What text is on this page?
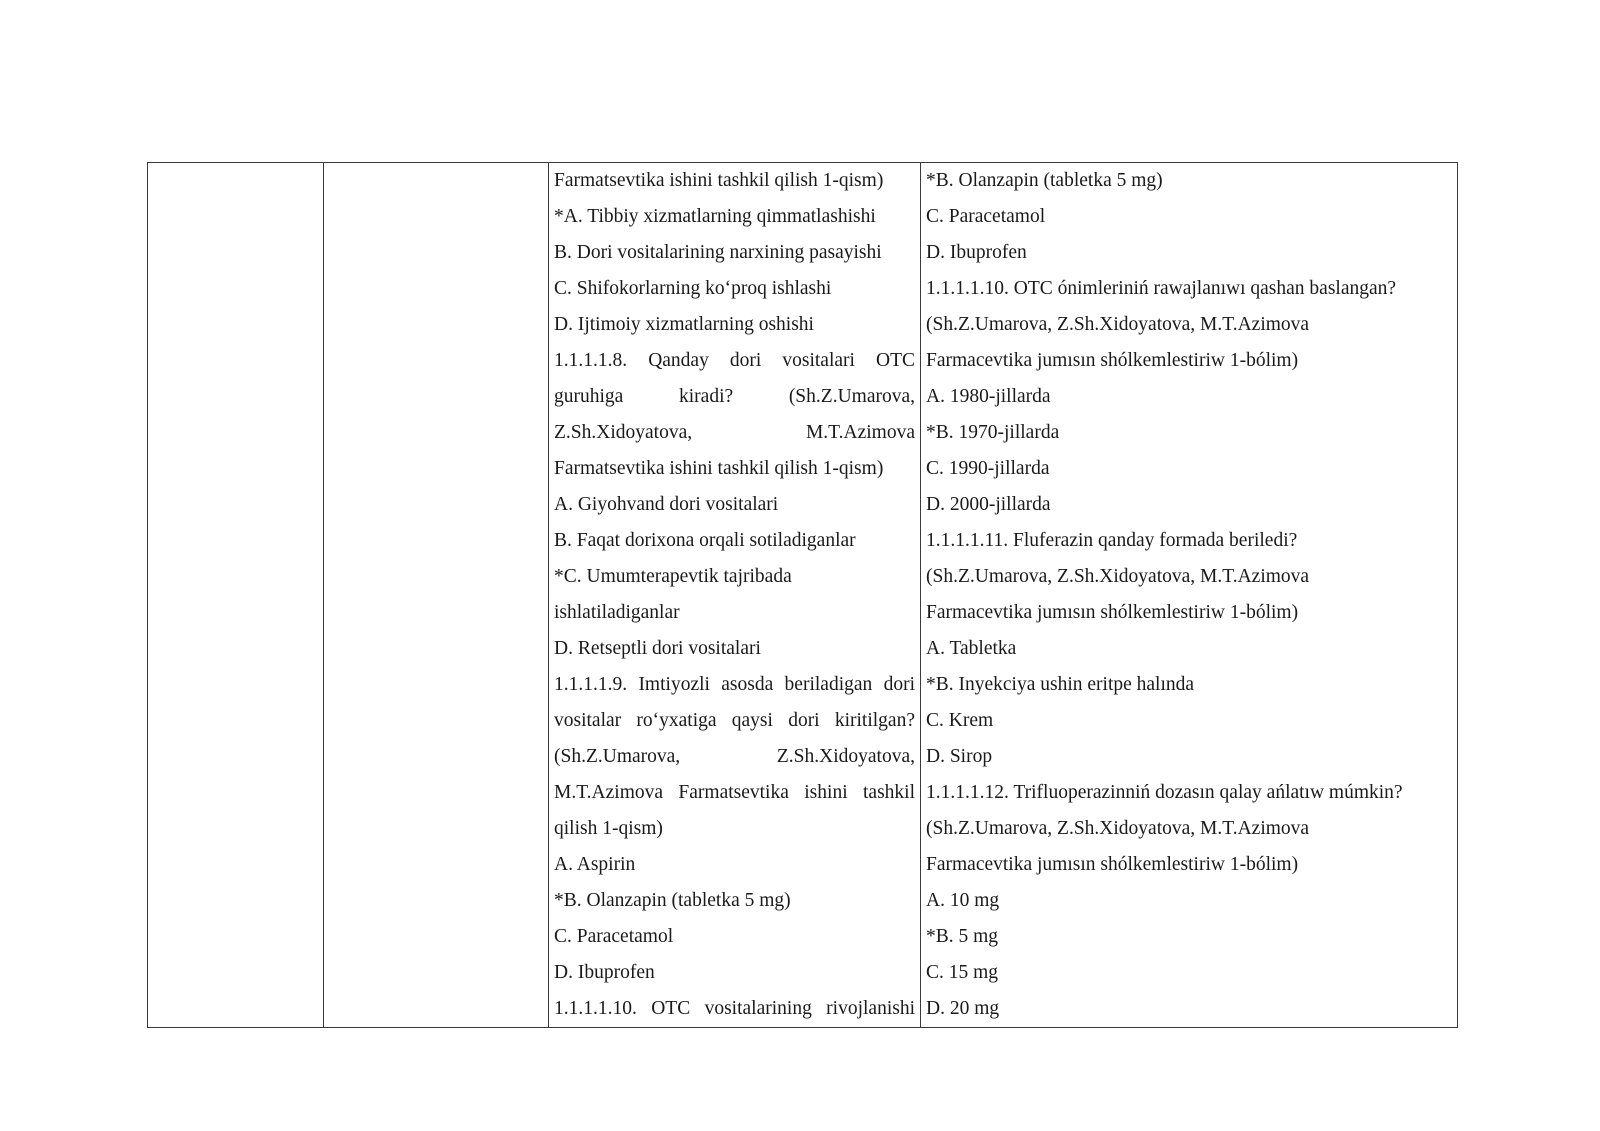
Farmatsevtika ishini tashkil qilish 1-qism)
*A. Tibbiy xizmatlarning qimmatlashishi
B. Dori vositalarining narxining pasayishi
C. Shifokorlarning ko‘proq ishlashi
D. Ijtimoiy xizmatlarning oshishi
1.1.1.1.8. Qanday dori vositalari OTC
guruhiga kiradi? (Sh.Z.Umarova,
Z.Sh.Xidoyatova, M.T.Azimova
Farmatsevtika ishini tashkil qilish 1-qism)
A. Giyohvand dori vositalari
B. Faqat dorixona orqali sotiladiganlar
*C. Umumterapevtik tajribada
ishlatiladiganlar
D. Retseptli dori vositalari
1.1.1.1.9. Imtiyozli asosda beriladigan dori
vositalar ro‘yxatiga qaysi dori kiritilgan?
(Sh.Z.Umarova, Z.Sh.Xidoyatova,
M.T.Azimova Farmatsevtika ishini tashkil
qilish 1-qism)
A. Aspirin
*B. Olanzapin (tabletka 5 mg)
C. Paracetamol
D. Ibuprofen
1.1.1.1.10. OTC vositalarining rivojlanishi
*B. Olanzapin (tabletka 5 mg)
C. Paracetamol
D. Ibuprofen
1.1.1.1.10. OTC ónimleriniń rawajlanıwı qashan baslangan?
(Sh.Z.Umarova, Z.Sh.Xidoyatova, M.T.Azimova
Farmacevtika jumısın shólkemlestiriw 1-bólim)
A. 1980-jillarda
*B. 1970-jillarda
C. 1990-jillarda
D. 2000-jillarda
1.1.1.1.11. Fluferazin qanday formada beriledi?
(Sh.Z.Umarova, Z.Sh.Xidoyatova, M.T.Azimova
Farmacevtika jumısın shólkemlestiriw 1-bólim)
A. Tabletka
*B. Inyekciya ushin eritpe halında
C. Krem
D. Sirop
1.1.1.1.12. Trifluoperazinniń dozasın qalay ańlatıw múmkin?
(Sh.Z.Umarova, Z.Sh.Xidoyatova, M.T.Azimova
Farmacevtika jumısın shólkemlestiriw 1-bólim)
A. 10 mg
*B. 5 mg
C. 15 mg
D. 20 mg
